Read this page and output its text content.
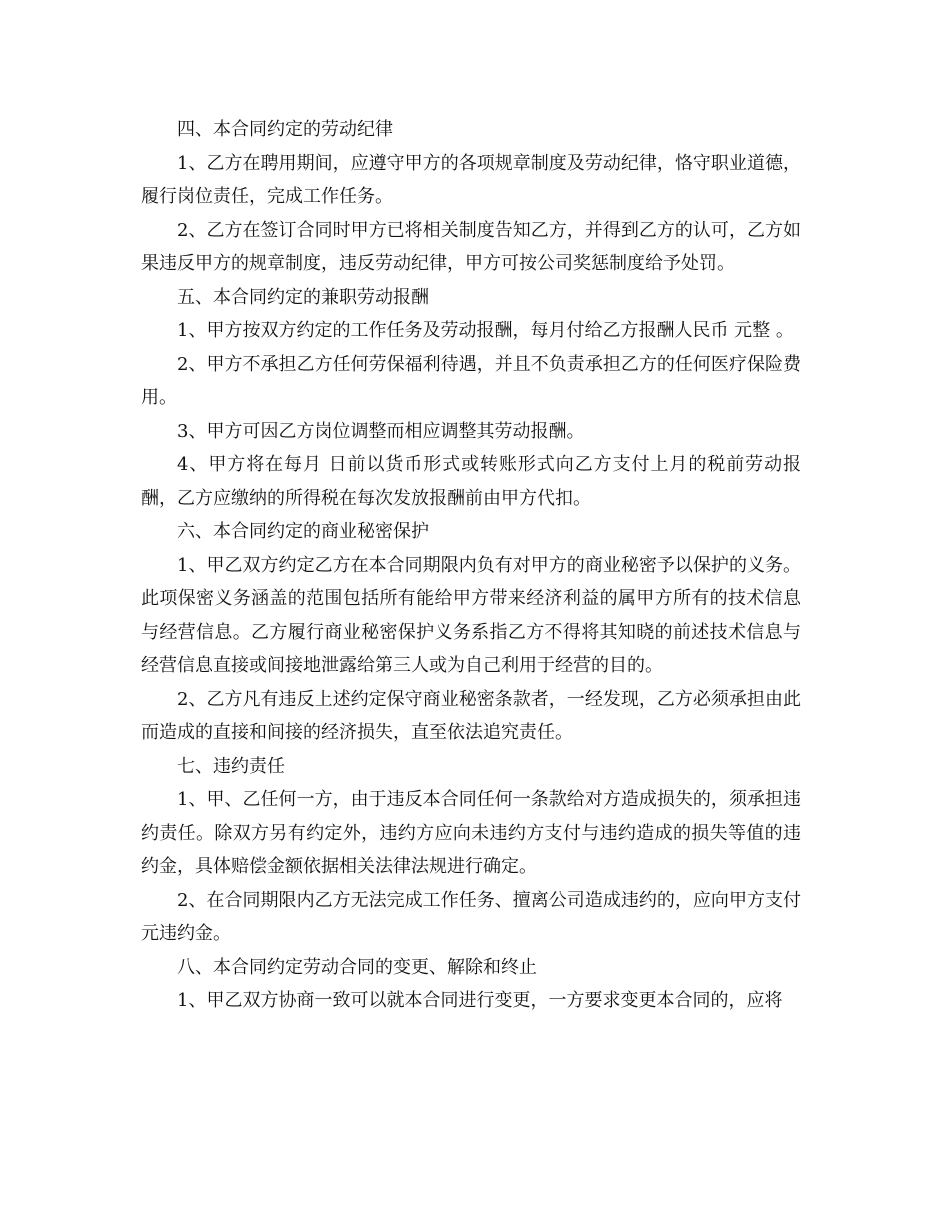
四、本合同约定的劳动纪律

1、乙方在聘用期间，应遵守甲方的各项规章制度及劳动纪律，恪守职业道德，履行岗位责任，完成工作任务。

2、乙方在签订合同时甲方已将相关制度告知乙方，并得到乙方的认可，乙方如果违反甲方的规章制度，违反劳动纪律，甲方可按公司奖惩制度给予处罚。

五、本合同约定的兼职劳动报酬

1、甲方按双方约定的工作任务及劳动报酬，每月付给乙方报酬人民币 元整 。

2、甲方不承担乙方任何劳保福利待遇，并且不负责承担乙方的任何医疗保险费用。

3、甲方可因乙方岗位调整而相应调整其劳动报酬。

4、甲方将在每月 日前以货币形式或转账形式向乙方支付上月的税前劳动报酬，乙方应缴纳的所得税在每次发放报酬前由甲方代扣。

六、本合同约定的商业秘密保护

1、甲乙双方约定乙方在本合同期限内负有对甲方的商业秘密予以保护的义务。此项保密义务涵盖的范围包括所有能给甲方带来经济利益的属甲方所有的技术信息与经营信息。乙方履行商业秘密保护义务系指乙方不得将其知晓的前述技术信息与经营信息直接或间接地泄露给第三人或为自己利用于经营的目的。

2、乙方凡有违反上述约定保守商业秘密条款者，一经发现，乙方必须承担由此而造成的直接和间接的经济损失，直至依法追究责任。

七、违约责任

1、甲、乙任何一方，由于违反本合同任何一条款给对方造成损失的，须承担违约责任。除双方另有约定外，违约方应向未违约方支付与违约造成的损失等值的违约金，具体赔偿金额依据相关法律法规进行确定。

2、在合同期限内乙方无法完成工作任务、擅离公司造成违约的，应向甲方支付 元违约金。

八、本合同约定劳动合同的变更、解除和终止

1、甲乙双方协商一致可以就本合同进行变更，一方要求变更本合同的，应将
